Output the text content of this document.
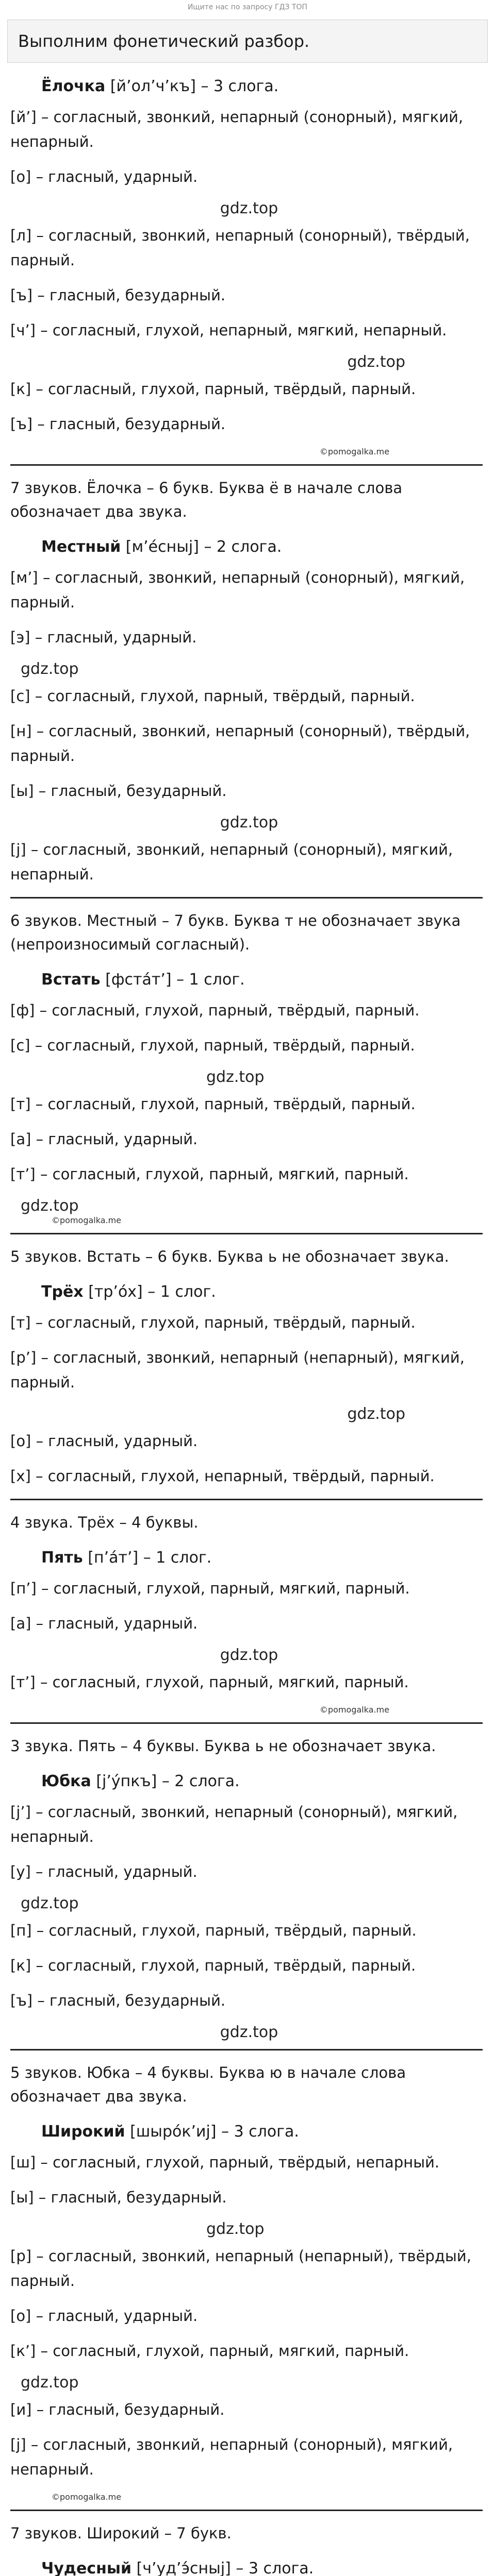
Ищите нас по запросу ГДЗ ТОП
Выполним фонетический разбор.
Ёлочка [й’ол’ч’къ] – 3 слога.
[й’] – согласный, звонкий, непарный (сонорный), мягкий, непарный.
[о] – гласный, ударный.
gdz.top
[л] – согласный, звонкий, непарный (сонорный), твёрдый, парный.
[ъ] – гласный, безударный.
[ч’] – согласный, глухой, непарный, мягкий, непарный.
gdz.top
[к] – согласный, глухой, парный, твёрдый, парный.
[ъ] – гласный, безударный.
©pomogalka.me
7 звуков. Ёлочка – 6 букв. Буква ё в начале слова обозначает два звука.
Местный [м’е́сныj] – 2 слога.
[м’] – согласный, звонкий, непарный (сонорный), мягкий, парный.
[э] – гласный, ударный.
gdz.top
[с] – согласный, глухой, парный, твёрдый, парный.
[н] – согласный, звонкий, непарный (сонорный), твёрдый, парный.
[ы] – гласный, безударный.
gdz.top
[j] – согласный, звонкий, непарный (сонорный), мягкий, непарный.
6 звуков. Местный – 7 букв. Буква т не обозначает звука (непроизносимый согласный).
Встать [фста́т’] – 1 слог.
[ф] – согласный, глухой, парный, твёрдый, парный.
[с] – согласный, глухой, парный, твёрдый, парный.
gdz.top
[т] – согласный, глухой, парный, твёрдый, парный.
[а] – гласный, ударный.
[т’] – согласный, глухой, парный, мягкий, парный.
gdz.top
©pomogalka.me
5 звуков. Встать – 6 букв. Буква ь не обозначает звука.
Трёх [тр’о́х] – 1 слог.
[т] – согласный, глухой, парный, твёрдый, парный.
[р’] – согласный, звонкий, непарный (непарный), мягкий, парный.
gdz.top
[о] – гласный, ударный.
[х] – согласный, глухой, непарный, твёрдый, парный.
4 звука. Трёх – 4 буквы.
Пять [п’а́т’] – 1 слог.
[п’] – согласный, глухой, парный, мягкий, парный.
[а] – гласный, ударный.
gdz.top
[т’] – согласный, глухой, парный, мягкий, парный.
©pomogalka.me
3 звука. Пять – 4 буквы. Буква ь не обозначает звука.
Юбка [j’у́пкъ] – 2 слога.
[j’] – согласный, звонкий, непарный (сонорный), мягкий, непарный.
[у] – гласный, ударный.
gdz.top
[п] – согласный, глухой, парный, твёрдый, парный.
[к] – согласный, глухой, парный, твёрдый, парный.
[ъ] – гласный, безударный.
gdz.top
5 звуков. Юбка – 4 буквы. Буква ю в начале слова обозначает два звука.
Широкий [шыро́к’иj] – 3 слога.
[ш] – согласный, глухой, парный, твёрдый, непарный.
[ы] – гласный, безударный.
gdz.top
[р] – согласный, звонкий, непарный (непарный), твёрдый, парный.
[о] – гласный, ударный.
[к’] – согласный, глухой, парный, мягкий, парный.
gdz.top
[и] – гласный, безударный.
[j] – согласный, звонкий, непарный (сонорный), мягкий, непарный.
©pomogalka.me
7 звуков. Широкий – 7 букв.
Чудесный [ч’уд’э́сныj] – 3 слога.
